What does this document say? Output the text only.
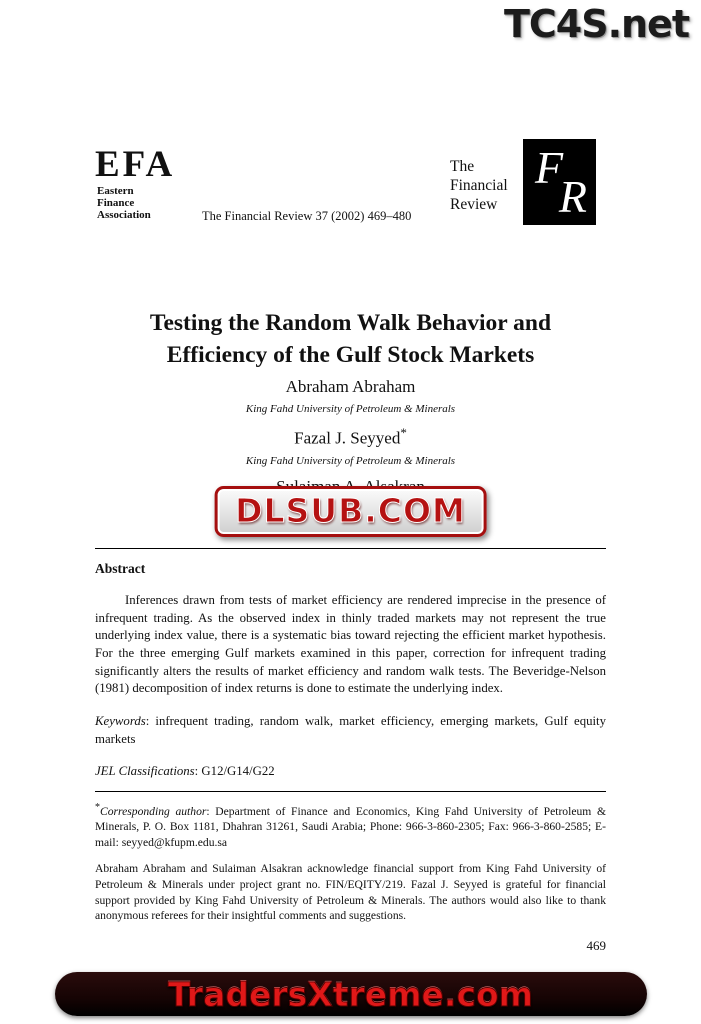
TC4S.net
EFA
Eastern
Finance
Association	The Financial Review 37 (2002) 469–480
The
Financial
Review
F
R
Testing the Random Walk Behavior and
Efficiency of the Gulf Stock Markets
Abraham Abraham
King Fahd University of Petroleum & Minerals
Fazal J. Seyyed*
King Fahd University of Petroleum & Minerals
DLSUB.COM
Abstract

Inferences drawn from tests of market efficiency are rendered imprecise in the presence of infrequent trading. As the observed index in thinly traded markets may not represent the true underlying index value, there is a systematic bias toward rejecting the efficient market hypothesis. For the three emerging Gulf markets examined in this paper, correction for infrequent trading significantly alters the results of market efficiency and random walk tests. The Beveridge-Nelson (1981) decomposition of index returns is done to estimate the underlying index.

Keywords: infrequent trading, random walk, market efficiency, emerging markets, Gulf equity markets

JEL Classifications: G12/G14/G22

*Corresponding author: Department of Finance and Economics, King Fahd University of Petroleum & Minerals, P. O. Box 1181, Dhahran 31261, Saudi Arabia; Phone: 966-3-860-2305; Fax: 966-3-860-2585; E-mail: seyyed@kfupm.edu.sa

Abraham Abraham and Sulaiman Alsakran acknowledge financial support from King Fahd University of Petroleum & Minerals under project grant no. FIN/EQITY/219. Fazal J. Seyyed is grateful for financial support provided by King Fahd University of Petroleum & Minerals. The authors would also like to thank anonymous referees for their insightful comments and suggestions.

469
TradersXtreme.com
